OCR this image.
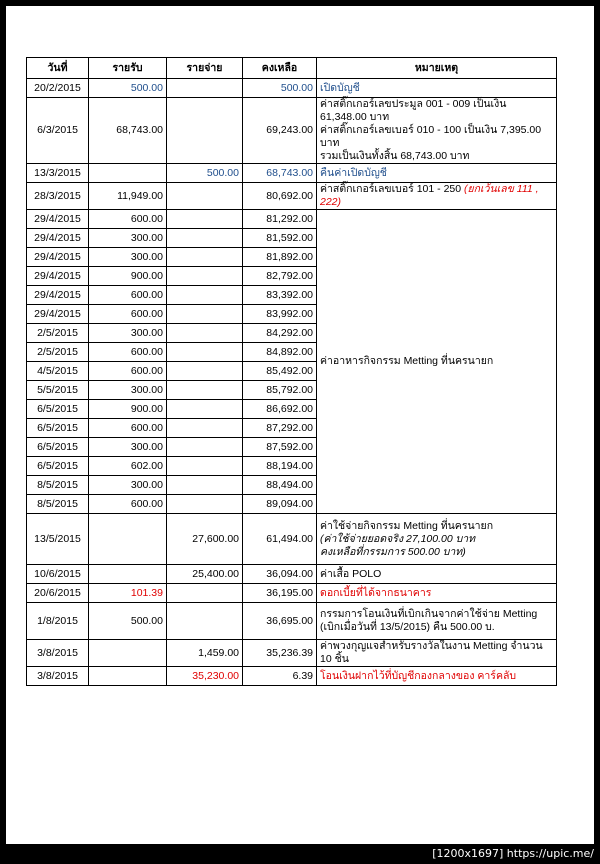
วันที่	รายรับ	รายจ่าย	คงเหลือ	หมายเหตุ
20/2/2015	500.00		500.00	เปิดบัญชี
6/3/2015	68,743.00		69,243.00	ค่าสติ๊กเกอร์เลขประมูล 001 - 009 เป็นเงิน 61,348.00 บาท
ค่าสติ๊กเกอร์เลขเบอร์ 010 - 100 เป็นเงิน 7,395.00 บาท
รวมเป็นเงินทั้งสิ้น 68,743.00 บาท

13/3/2015		500.00	68,743.00	คืนค่าเปิดบัญชี
28/3/2015	11,949.00		80,692.00	ค่าสติ๊กเกอร์เลขเบอร์ 101 - 250 (ยกเว้นเลข 111 , 222)
29/4/2015	600.00		81,292.00	ค่าอาหารกิจกรรม Metting ที่นครนายก
29/4/2015	300.00		81,592.00	
29/4/2015	300.00		81,892.00	
29/4/2015	900.00		82,792.00	
29/4/2015	600.00		83,392.00	
29/4/2015	600.00		83,992.00	
2/5/2015	300.00		84,292.00	
2/5/2015	600.00		84,892.00	
4/5/2015	600.00		85,492.00	
5/5/2015	300.00		85,792.00	
6/5/2015	900.00		86,692.00	
6/5/2015	600.00		87,292.00	
6/5/2015	300.00		87,592.00	
6/5/2015	602.00		88,194.00	
8/5/2015	300.00		88,494.00	
8/5/2015	600.00		89,094.00	
13/5/2015		27,600.00	61,494.00	ค่าใช้จ่ายกิจกรรม Metting ที่นครนายก
(ค่าใช้จ่ายยอดจริง 27,100.00 บาท
คงเหลือที่กรรมการ 500.00 บาท)

10/6/2015		25,400.00	36,094.00	ค่าเสื้อ POLO
20/6/2015	101.39		36,195.00	ดอกเบี้ยที่ได้จากธนาคาร
1/8/2015	500.00		36,695.00	กรรมการโอนเงินที่เบิกเกินจากค่าใช้จ่าย Metting
(เบิกเมื่อวันที่ 13/5/2015) คืน 500.00 บ.

3/8/2015		1,459.00	35,236.39	ค่าพวงกุญแจสำหรับรางวัลในงาน Metting จำนวน 10 ชิ้น
3/8/2015		35,230.00	6.39	โอนเงินฝากไว้ที่บัญชีกองกลางของ คาร์คลับ
[1200x1697] https://upic.me/
